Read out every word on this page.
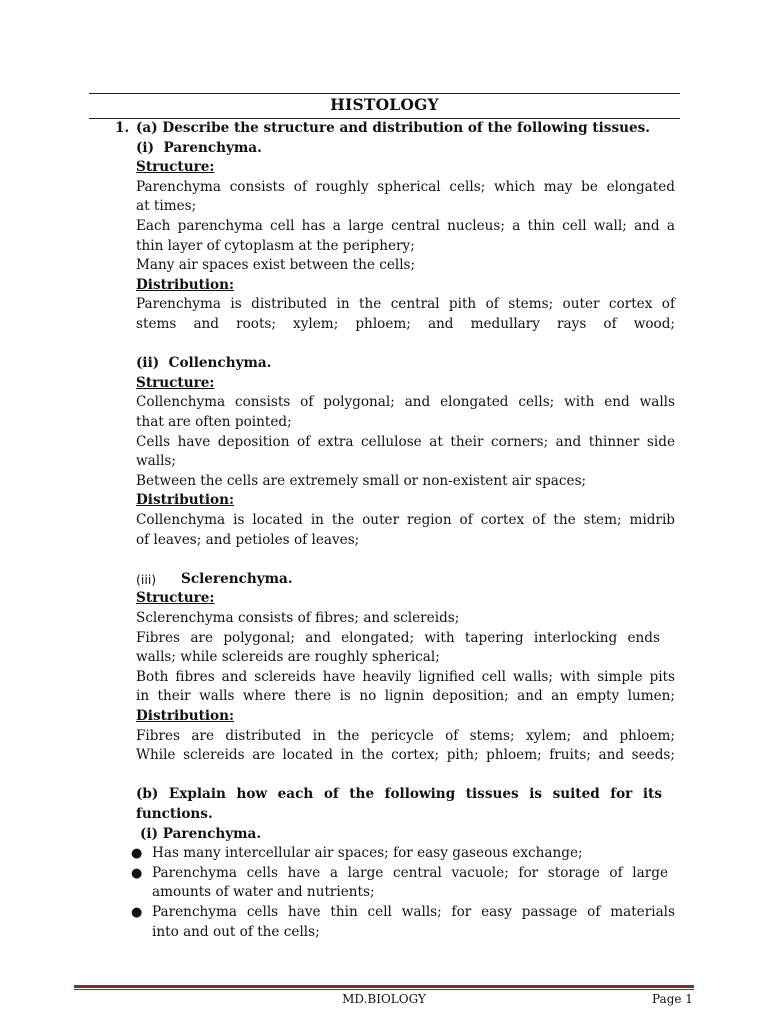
HISTOLOGY
1. (a) Describe the structure and distribution of the following tissues.
(i) Parenchyma.
Structure:
Parenchyma consists of roughly spherical cells; which may be elongated
at times;
Each parenchyma cell has a large central nucleus; a thin cell wall; and a
thin layer of cytoplasm at the periphery;
Many air spaces exist between the cells;
Distribution:
Parenchyma is distributed in the central pith of stems; outer cortex of
stems and roots; xylem; phloem; and medullary rays of wood;
(ii) Collenchyma.
Structure:
Collenchyma consists of polygonal; and elongated cells; with end walls
that are often pointed;
Cells have deposition of extra cellulose at their corners; and thinner side
walls;
Between the cells are extremely small or non-existent air spaces;
Distribution:
Collenchyma is located in the outer region of cortex of the stem; midrib
of leaves; and petioles of leaves;
(iii) Sclerenchyma.
Structure:
Sclerenchyma consists of fibres; and sclereids;
Fibres are polygonal; and elongated; with tapering interlocking ends
walls; while sclereids are roughly spherical;
Both fibres and sclereids have heavily lignified cell walls; with simple pits
in their walls where there is no lignin deposition; and an empty lumen;
Distribution:
Fibres are distributed in the pericycle of stems; xylem; and phloem;
While sclereids are located in the cortex; pith; phloem; fruits; and seeds;
(b) Explain how each of the following tissues is suited for its
functions.
(i) Parenchyma.
● Has many intercellular air spaces; for easy gaseous exchange;
● Parenchyma cells have a large central vacuole; for storage of large
amounts of water and nutrients;
● Parenchyma cells have thin cell walls; for easy passage of materials
into and out of the cells;
MD.BIOLOGY	Page 1
